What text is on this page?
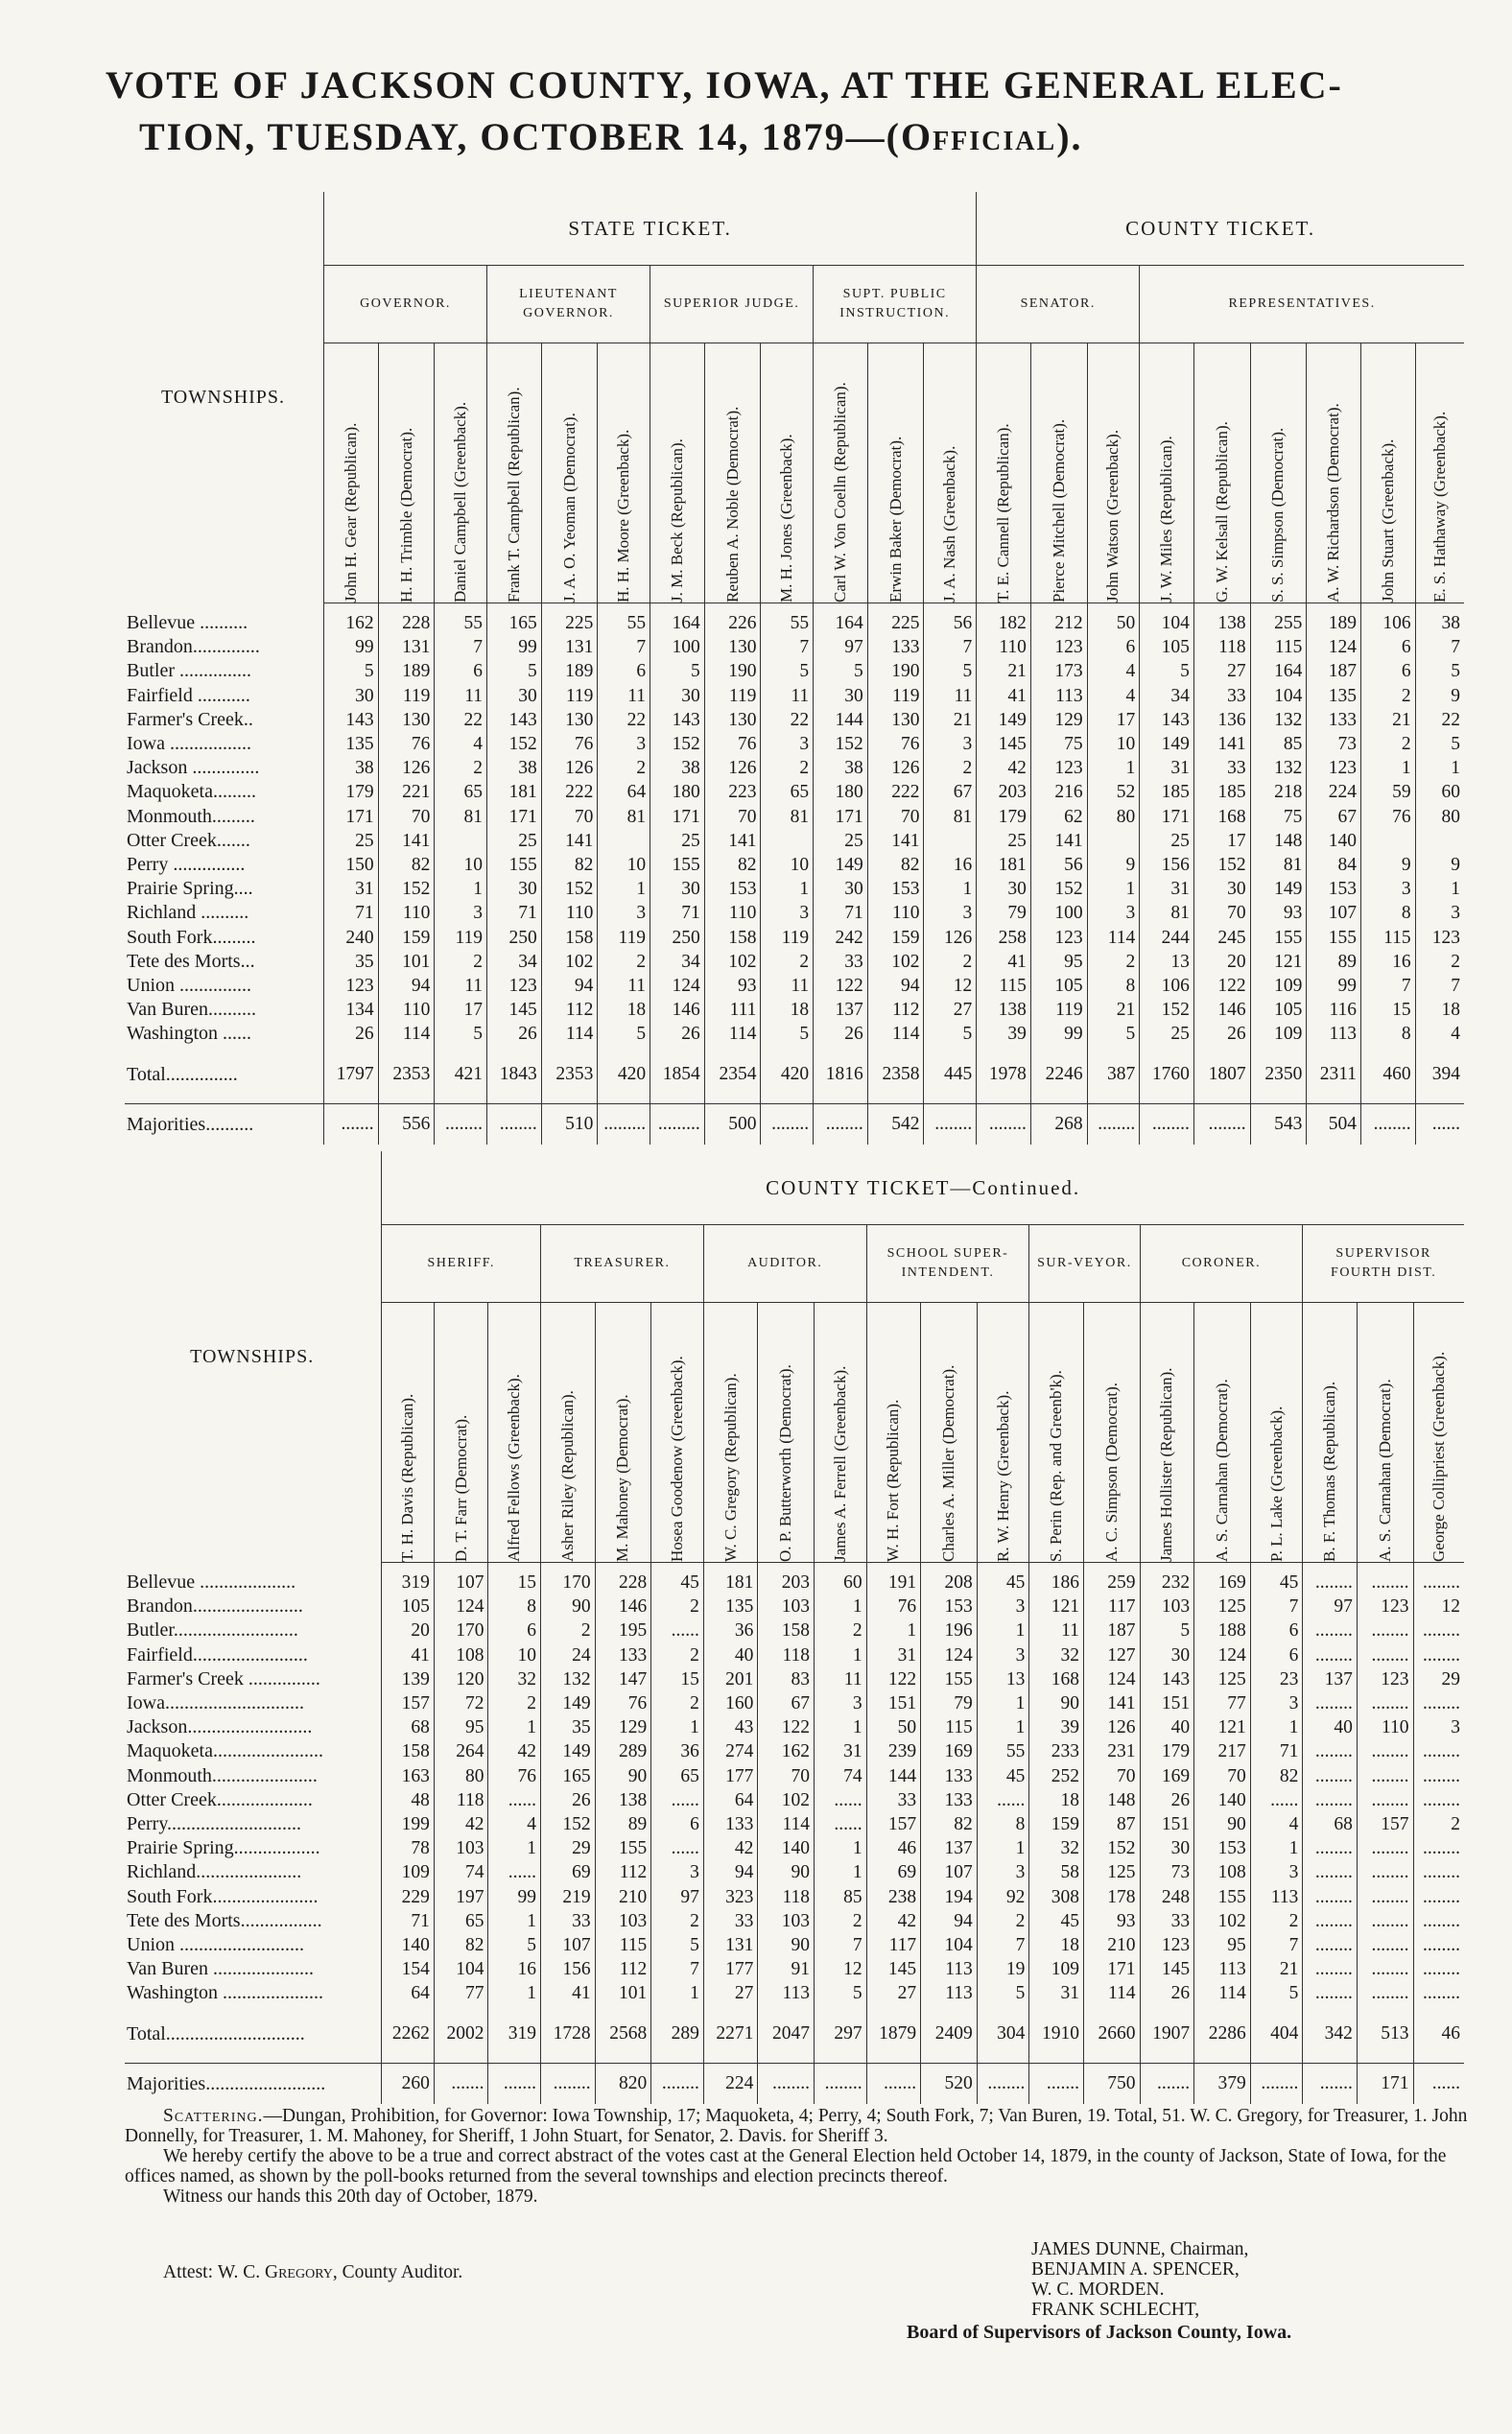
VOTE OF JACKSON COUNTY, IOWA, AT THE GENERAL ELEC-
TION, TUESDAY, OCTOBER 14, 1879—(Official).
TOWNSHIPS.	STATE TICKET.												COUNTY TICKET.								
	GOVERNOR.			LIEUTENANT GOVERNOR.			SUPERIOR JUDGE.			SUPT. PUBLIC INSTRUCTION.			SENATOR.			REPRESENTATIVES.					

	John H. Gear (Republican).	H. H. Trimble (Democrat).	Daniel Campbell (Greenback).	Frank T. Campbell (Republican).	J. A. O. Yeoman (Democrat).	H. H. Moore (Greenback).	J. M. Beck (Republican).	Reuben A. Noble (Democrat).	M. H. Jones (Greenback).	Carl W. Von Coelln (Republican).	Erwin Baker (Democrat).	J. A. Nash (Greenback).	T. E. Cannell (Republican).	Pierce Mitchell (Democrat).	John Watson (Greenback).	J. W. Miles (Republican).	G. W. Kelsall (Republican).	S. S. Simpson (Democrat).	A. W. Richardson (Democrat).	John Stuart (Greenback).	E. S. Hathaway (Greenback).

Bellevue ..........	162	228	55	165	225	55	164	226	55	164	225	56	182	212	50	104	138	255	189	106	38
Brandon..............	99	131	7	99	131	7	100	130	7	97	133	7	110	123	6	105	118	115	124	6	7
Butler ...............	5	189	6	5	189	6	5	190	5	5	190	5	21	173	4	5	27	164	187	6	5
Fairfield ...........	30	119	11	30	119	11	30	119	11	30	119	11	41	113	4	34	33	104	135	2	9
Farmer's Creek..	143	130	22	143	130	22	143	130	22	144	130	21	149	129	17	143	136	132	133	21	22
Iowa .................	135	76	4	152	76	3	152	76	3	152	76	3	145	75	10	149	141	85	73	2	5
Jackson ..............	38	126	2	38	126	2	38	126	2	38	126	2	42	123	1	31	33	132	123	1	1
Maquoketa.........	179	221	65	181	222	64	180	223	65	180	222	67	203	216	52	185	185	218	224	59	60
Monmouth.........	171	70	81	171	70	81	171	70	81	171	70	81	179	62	80	171	168	75	67	76	80
Otter Creek.......	25	141		25	141		25	141		25	141		25	141		25	17	148	140		
Perry ...............	150	82	10	155	82	10	155	82	10	149	82	16	181	56	9	156	152	81	84	9	9
Prairie Spring....	31	152	1	30	152	1	30	153	1	30	153	1	30	152	1	31	30	149	153	3	1
Richland ..........	71	110	3	71	110	3	71	110	3	71	110	3	79	100	3	81	70	93	107	8	3
South Fork.........	240	159	119	250	158	119	250	158	119	242	159	126	258	123	114	244	245	155	155	115	123
Tete des Morts...	35	101	2	34	102	2	34	102	2	33	102	2	41	95	2	13	20	121	89	16	2
Union ...............	123	94	11	123	94	11	124	93	11	122	94	12	115	105	8	106	122	109	99	7	7
Van Buren..........	134	110	17	145	112	18	146	111	18	137	112	27	138	119	21	152	146	105	116	15	18
Washington ......	26	114	5	26	114	5	26	114	5	26	114	5	39	99	5	25	26	109	113	8	4
Total...............	1797	2353	421	1843	2353	420	1854	2354	420	1816	2358	445	1978	2246	387	1760	1807	2350	2311	460	394
Majorities..........	.......	556	........	........	510	.........	.........	500	........	........	542	........	........	268	........	........	........	543	504	........	......
TOWNSHIPS.	COUNTY TICKET—Continued.																			
	SHERIFF.			TREASURER.			AUDITOR.			SCHOOL SUPER-INTENDENT.			SUR-VEYOR.		CORONER.			SUPERVISOR FOURTH DIST.		

	T. H. Davis (Republican).	D. T. Farr (Democrat).	Alfred Fellows (Greenback).	Asher Riley (Republican).	M. Mahoney (Democrat).	Hosea Goodenow (Greenback).	W. C. Gregory (Republican).	O. P. Butterworth (Democrat).	James A. Ferrell (Greenback).	W. H. Fort (Republican).	Charles A. Miller (Democrat).	R. W. Henry (Greenback).	S. Perin (Rep. and Greenb'k).	A. C. Simpson (Democrat).	James Hollister (Republican).	A. S. Carnahan (Democrat).	P. L. Lake (Greenback).	B. F. Thomas (Republican).	A. S. Carnahan (Democrat).	George Collipriest (Greenback).

Bellevue ....................	319	107	15	170	228	45	181	203	60	191	208	45	186	259	232	169	45	........	........	........
Brandon.......................	105	124	8	90	146	2	135	103	1	76	153	3	121	117	103	125	7	97	123	12
Butler..........................	20	170	6	2	195	......	36	158	2	1	196	1	11	187	5	188	6	........	........	........
Fairfield........................	41	108	10	24	133	2	40	118	1	31	124	3	32	127	30	124	6	........	........	........
Farmer's Creek ...............	139	120	32	132	147	15	201	83	11	122	155	13	168	124	143	125	23	137	123	29
Iowa.............................	157	72	2	149	76	2	160	67	3	151	79	1	90	141	151	77	3	........	........	........
Jackson..........................	68	95	1	35	129	1	43	122	1	50	115	1	39	126	40	121	1	40	110	3
Maquoketa.......................	158	264	42	149	289	36	274	162	31	239	169	55	233	231	179	217	71	........	........	........
Monmouth......................	163	80	76	165	90	65	177	70	74	144	133	45	252	70	169	70	82	........	........	........
Otter Creek....................	48	118	......	26	138	......	64	102	......	33	133	......	18	148	26	140	......	........	........	........
Perry............................	199	42	4	152	89	6	133	114	......	157	82	8	159	87	151	90	4	68	157	2
Prairie Spring..................	78	103	1	29	155	......	42	140	1	46	137	1	32	152	30	153	1	........	........	........
Richland......................	109	74	......	69	112	3	94	90	1	69	107	3	58	125	73	108	3	........	........	........
South Fork......................	229	197	99	219	210	97	323	118	85	238	194	92	308	178	248	155	113	........	........	........
Tete des Morts.................	71	65	1	33	103	2	33	103	2	42	94	2	45	93	33	102	2	........	........	........
Union ..........................	140	82	5	107	115	5	131	90	7	117	104	7	18	210	123	95	7	........	........	........
Van Buren .....................	154	104	16	156	112	7	177	91	12	145	113	19	109	171	145	113	21	........	........	........
Washington .....................	64	77	1	41	101	1	27	113	5	27	113	5	31	114	26	114	5	........	........	........
Total.............................	2262	2002	319	1728	2568	289	2271	2047	297	1879	2409	304	1910	2660	1907	2286	404	342	513	46
Majorities.........................	260	.......	.......	........	820	........	224	........	........	.......	520	........	.......	750	.......	379	........	.......	171	......

Scattering.—Dungan, Prohibition, for Governor: Iowa Township, 17; Maquoketa, 4; Perry, 4; South Fork, 7; Van Buren, 19. Total, 51. W. C. Gregory, for Treasurer, 1. John Donnelly, for Treasurer, 1. M. Mahoney, for Sheriff, 1 John Stuart, for Senator, 2. Davis. for Sheriff 3.

We hereby certify the above to be a true and correct abstract of the votes cast at the General Election held October 14, 1879, in the county of Jackson, State of Iowa, for the offices named, as shown by the poll-books returned from the several townships and election precincts thereof.

Witness our hands this 20th day of October, 1879.

Attest: W. C. Gregory, County Auditor.
JAMES DUNNE, Chairman,
BENJAMIN A. SPENCER,
W. C. MORDEN.
FRANK SCHLECHT,
Board of Supervisors of Jackson County, Iowa.
